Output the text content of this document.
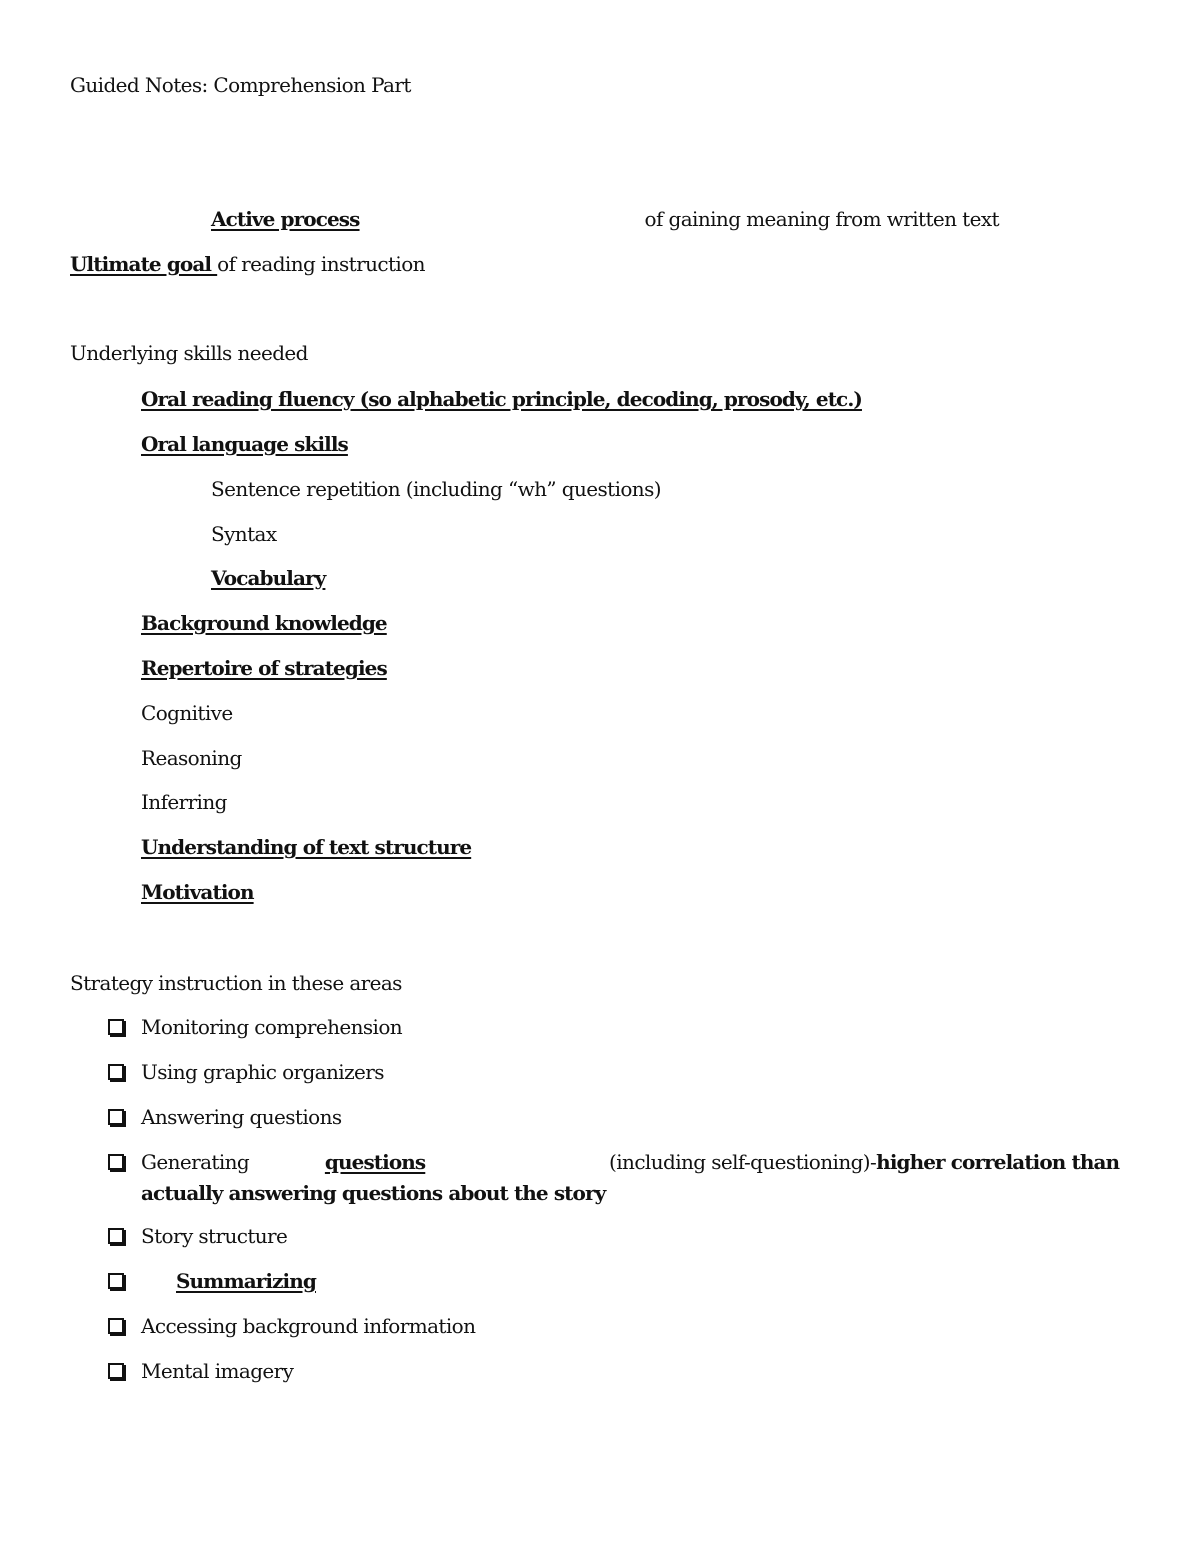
Guided Notes: Comprehension Part
Active process	of gaining meaning from written text
Ultimate goal of reading instruction
Underlying skills needed
Oral reading fluency (so alphabetic principle, decoding, prosody, etc.)
Oral language skills
Sentence repetition (including “wh” questions)
Syntax
Vocabulary
Background knowledge
Repertoire of strategies
Cognitive
Reasoning
Inferring
Understanding of text structure
Motivation
Strategy instruction in these areas
Monitoring comprehension
Using graphic organizers
Answering questions
Generating	questions	(including self-questioning)-higher correlation than
actually answering questions about the story
Story structure
Summarizing
Accessing background information
Mental imagery
